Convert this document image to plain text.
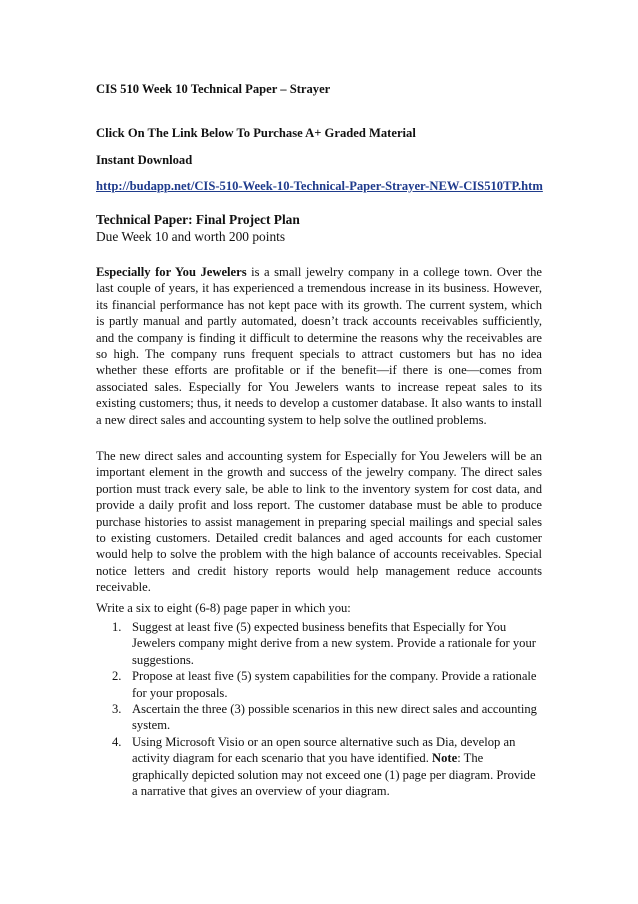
CIS 510 Week 10 Technical Paper – Strayer
Click On The Link Below To Purchase A+ Graded Material
Instant Download
http://budapp.net/CIS-510-Week-10-Technical-Paper-Strayer-NEW-CIS510TP.htm
Technical Paper: Final Project Plan
Due Week 10 and worth 200 points
Especially for You Jewelers is a small jewelry company in a college town. Over the last couple of years, it has experienced a tremendous increase in its business. However, its financial performance has not kept pace with its growth. The current system, which is partly manual and partly automated, doesn’t track accounts receivables sufficiently, and the company is finding it difficult to determine the reasons why the receivables are so high. The company runs frequent specials to attract customers but has no idea whether these efforts are profitable or if the benefit—if there is one—comes from associated sales. Especially for You Jewelers wants to increase repeat sales to its existing customers; thus, it needs to develop a customer database. It also wants to install a new direct sales and accounting system to help solve the outlined problems.
The new direct sales and accounting system for Especially for You Jewelers will be an important element in the growth and success of the jewelry company. The direct sales portion must track every sale, be able to link to the inventory system for cost data, and provide a daily profit and loss report. The customer database must be able to produce purchase histories to assist management in preparing special mailings and special sales to existing customers. Detailed credit balances and aged accounts for each customer would help to solve the problem with the high balance of accounts receivables. Special notice letters and credit history reports would help management reduce accounts receivable.
Write a six to eight (6-8) page paper in which you:
1. Suggest at least five (5) expected business benefits that Especially for You Jewelers company might derive from a new system. Provide a rationale for your suggestions.
2. Propose at least five (5) system capabilities for the company. Provide a rationale for your proposals.
3. Ascertain the three (3) possible scenarios in this new direct sales and accounting system.
4. Using Microsoft Visio or an open source alternative such as Dia, develop an activity diagram for each scenario that you have identified. Note: The graphically depicted solution may not exceed one (1) page per diagram. Provide a narrative that gives an overview of your diagram.
